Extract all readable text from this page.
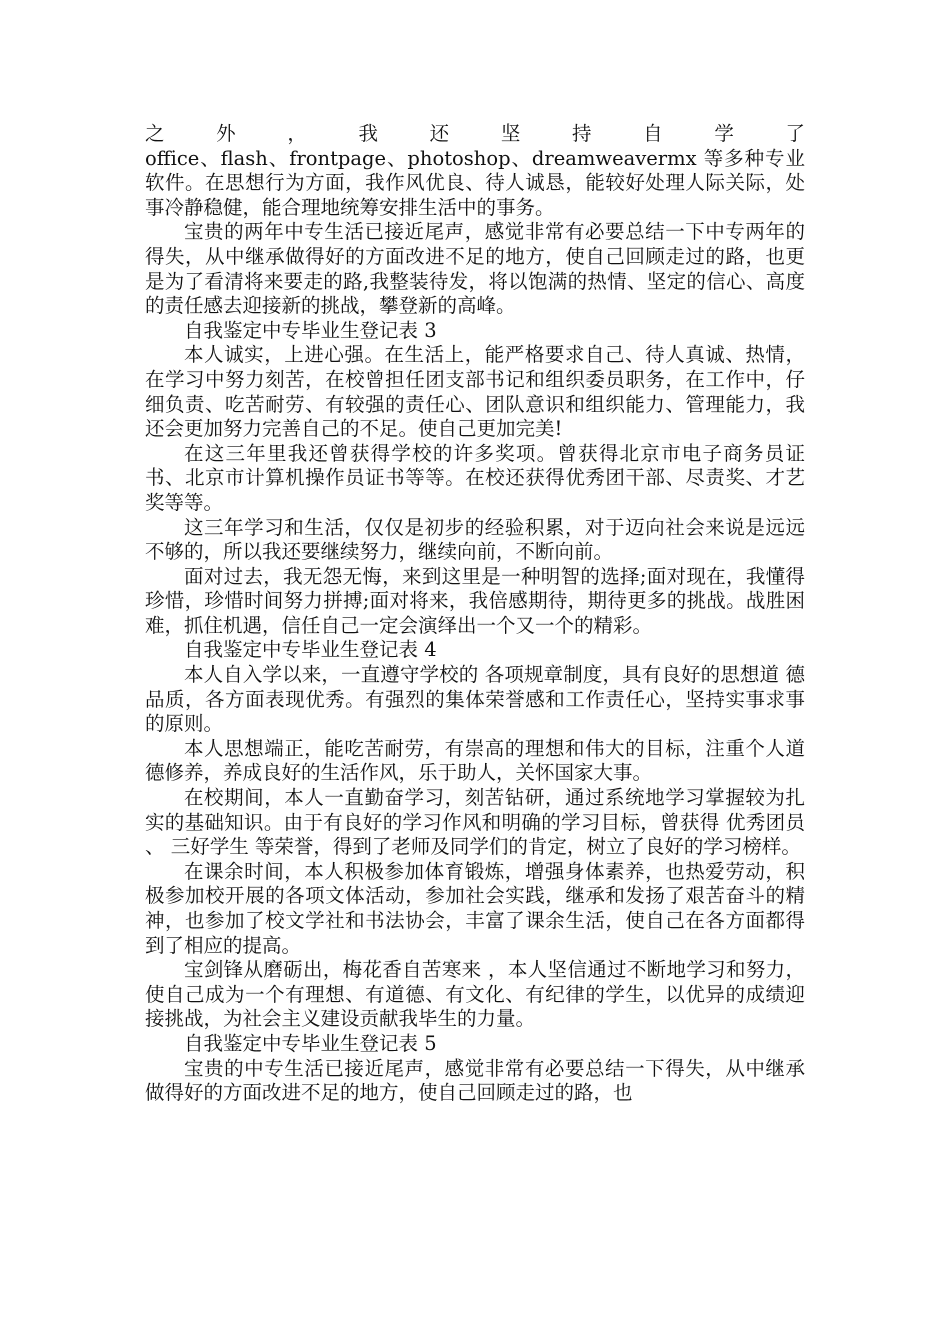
之 外 ， 我 还 坚 持 自 学 了

office、flash、frontpage、photoshop、dreamweavermx 等多种专业软件。在思想行为方面，我作风优良、待人诚恳，能较好处理人际关际，处事冷静稳健，能合理地统筹安排生活中的事务。

宝贵的两年中专生活已接近尾声，感觉非常有必要总结一下中专两年的得失，从中继承做得好的方面改进不足的地方，使自己回顾走过的路，也更是为了看清将来要走的路,我整装待发，将以饱满的热情、坚定的信心、高度的责任感去迎接新的挑战，攀登新的高峰。

自我鉴定中专毕业生登记表 3

本人诚实，上进心强。在生活上，能严格要求自己、待人真诚、热情，在学习中努力刻苦，在校曾担任团支部书记和组织委员职务，在工作中，仔细负责、吃苦耐劳、有较强的责任心、团队意识和组织能力、管理能力，我还会更加努力完善自己的不足。使自己更加完美!

在这三年里我还曾获得学校的许多奖项。曾获得北京市电子商务员证书、北京市计算机操作员证书等等。在校还获得优秀团干部、尽责奖、才艺奖等等。

这三年学习和生活，仅仅是初步的经验积累，对于迈向社会来说是远远不够的，所以我还要继续努力，继续向前，不断向前。

面对过去，我无怨无悔，来到这里是一种明智的选择;面对现在，我懂得珍惜，珍惜时间努力拼搏;面对将来，我倍感期待，期待更多的挑战。战胜困难，抓住机遇，信任自己一定会演绎出一个又一个的精彩。

自我鉴定中专毕业生登记表 4

本人自入学以来，一直遵守学校的 各项规章制度，具有良好的思想道 德品质，各方面表现优秀。有强烈的集体荣誉感和工作责任心，坚持实事求事的原则。

本人思想端正，能吃苦耐劳，有崇高的理想和伟大的目标，注重个人道德修养，养成良好的生活作风，乐于助人，关怀国家大事。

在校期间，本人一直勤奋学习，刻苦钻研，通过系统地学习掌握较为扎实的基础知识。由于有良好的学习作风和明确的学习目标，曾获得 优秀团员 、 三好学生 等荣誉，得到了老师及同学们的肯定，树立了良好的学习榜样。

在课余时间，本人积极参加体育锻炼，增强身体素养，也热爱劳动，积极参加校开展的各项文体活动，参加社会实践，继承和发扬了艰苦奋斗的精神，也参加了校文学社和书法协会，丰富了课余生活，使自己在各方面都得到了相应的提高。

宝剑锋从磨砺出，梅花香自苦寒来 ，本人坚信通过不断地学习和努力，使自己成为一个有理想、有道德、有文化、有纪律的学生，以优异的成绩迎接挑战，为社会主义建设贡献我毕生的力量。

自我鉴定中专毕业生登记表 5

宝贵的中专生活已接近尾声，感觉非常有必要总结一下得失，从中继承做得好的方面改进不足的地方，使自己回顾走过的路，也
